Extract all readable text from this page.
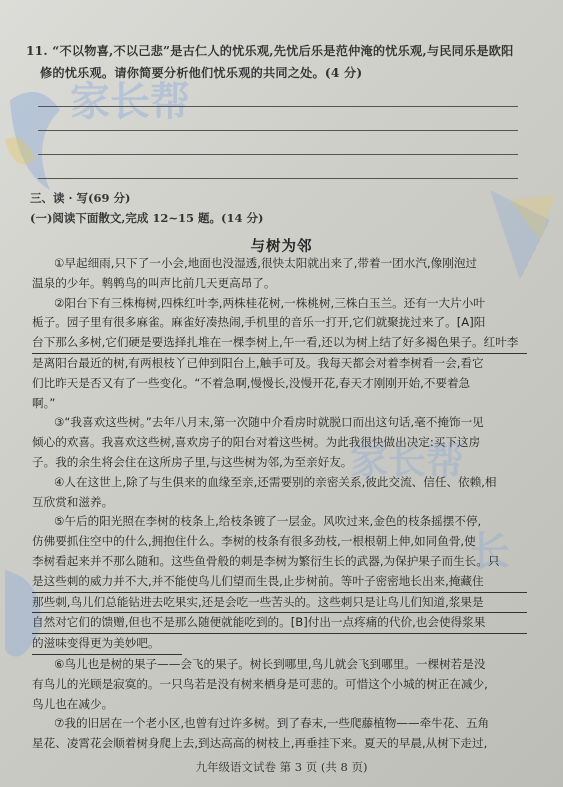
家长帮
家长帮
长
11. “不以物喜,不以己悲”是古仁人的忧乐观,先忧后乐是范仲淹的忧乐观,与民同乐是欧阳
修的忧乐观。请你简要分析他们忧乐观的共同之处。(4 分)
三、读 · 写(69 分)
(一)阅读下面散文,完成 12~15 题。(14 分)
与树为邻
①早起细雨,只下了一小会,地面也没湿透,很快太阳就出来了,带着一团水汽,像刚泡过
温泉的少年。鹎鹎鸟的叫声比前几天更高昂了。
②阳台下有三株梅树,四株红叶李,两株桂花树,一株桃树,三株白玉兰。还有一大片小叶
栀子。园子里有很多麻雀。麻雀好凑热闹,手机里的音乐一打开,它们就聚拢过来了。[A]阳
台下那么多树,它们硬是要选择扎堆在一棵李树上,午一看,还以为树上结了好多褐色果子。红叶李
是离阳台最近的树,有两根枝丫已伸到阳台上,触手可及。我每天都会对着李树看一会,看它
们比昨天是否又有了一些变化。“不着急啊,慢慢长,没慢开花,春天才刚刚开始,不要着急
啊。”
③“我喜欢这些树。”去年八月末,第一次随中介看房时就脱口而出这句话,毫不掩饰一见
倾心的欢喜。我喜欢这些树,喜欢房子的阳台对着这些树。为此我很快做出决定:买下这房
子。我的余生将会住在这所房子里,与这些树为邻,为至亲好友。
④人在这世上,除了与生俱来的血缘至亲,还需要别的亲密关系,彼此交流、信任、依赖,相
互欣赏和滋养。
⑤午后的阳光照在李树的枝条上,给枝条镀了一层金。风吹过来,金色的枝条摇摆不停,
仿佛要抓住空中的什么,拥抱住什么。李树的枝条有很多劲枝,一根根朝上伸,如同鱼骨,使
李树看起来并不那么随和。这些鱼骨般的刺是李树为繁衍生长的武器,为保护果子而生长。只
是这些刺的威力并不大,并不能使鸟儿们望而生畏,止步树前。等叶子密密地长出来,掩藏住
那些刺,鸟儿们总能钻进去吃果实,还是会吃一些苦头的。这些刺只是让鸟儿们知道,浆果是
自然对它们的馈赠,但也不是那么随便就能吃到的。[B]付出一点疼痛的代价,也会使得浆果
的滋味变得更为美妙吧。
⑥鸟儿也是树的果子——会飞的果子。树长到哪里,鸟儿就会飞到哪里。一棵树若是没
有鸟儿的光顾是寂寞的。一只鸟若是没有树来栖身是可悲的。可惜这个小城的树正在减少,
鸟儿也在减少。
⑦我的旧居在一个老小区,也曾有过许多树。到了春末,一些爬藤植物——牵牛花、五角
星花、凌霄花会顺着树身爬上去,到达高高的树枝上,再垂挂下来。夏天的早晨,从树下走过,
九年级语文试卷 第 3 页 (共 8 页)
